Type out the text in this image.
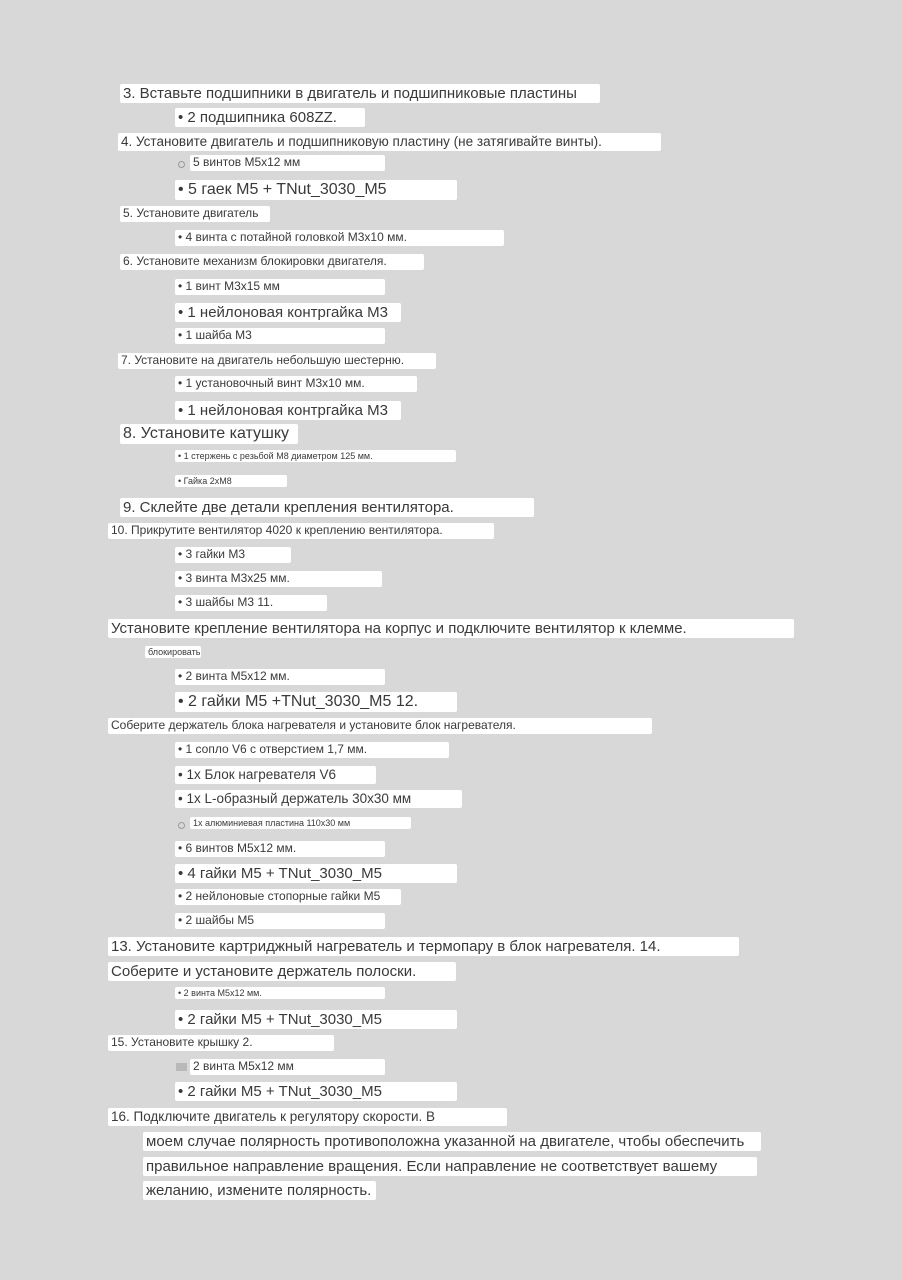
3. Вставьте подшипники в двигатель и подшипниковые пластины
• 2 подшипника 608ZZ.
4. Установите двигатель и подшипниковую пластину (не затягивайте винты).
5 винтов M5x12 мм
• 5 гаек M5 + TNut_3030_M5
5. Установите двигатель
• 4 винта с потайной головкой M3x10 мм.
6. Установите механизм блокировки двигателя.
• 1 винт M3x15 мм
• 1 нейлоновая контргайка M3
• 1 шайба M3
7. Установите на двигатель небольшую шестерню.
• 1 установочный винт M3x10 мм.
• 1 нейлоновая контргайка M3
8. Установите катушку
• 1 стержень с резьбой M8 диаметром 125 мм.
• Гайка 2xM8
9. Склейте две детали крепления вентилятора.
10. Прикрутите вентилятор 4020 к креплению вентилятора.
• 3 гайки M3
• 3 винта M3x25 мм.
• 3 шайбы M3 11.
Установите крепление вентилятора на корпус и подключите вентилятор к клемме.
блокировать
• 2 винта M5x12 мм.
• 2 гайки M5 +TNut_3030_M5 12.
Соберите держатель блока нагревателя и установите блок нагревателя.
• 1 сопло V6 с отверстием 1,7 мм.
• 1x Блок нагревателя V6
• 1x L-образный держатель 30x30 мм
1x алюминиевая пластина 110x30 мм
• 6 винтов M5x12 мм.
• 4 гайки M5 + TNut_3030_M5
• 2 нейлоновые стопорные гайки M5
• 2 шайбы M5
13. Установите картриджный нагреватель и термопару в блок нагревателя. 14.
Соберите и установите держатель полоски.
• 2 винта M5x12 мм.
• 2 гайки M5 + TNut_3030_M5
15. Установите крышку 2.
2 винта M5x12 мм
• 2 гайки M5 + TNut_3030_M5
16. Подключите двигатель к регулятору скорости. В
моем случае полярность противоположна указанной на двигателе, чтобы обеспечить
правильное направление вращения. Если направление не соответствует вашему
желанию, измените полярность.
